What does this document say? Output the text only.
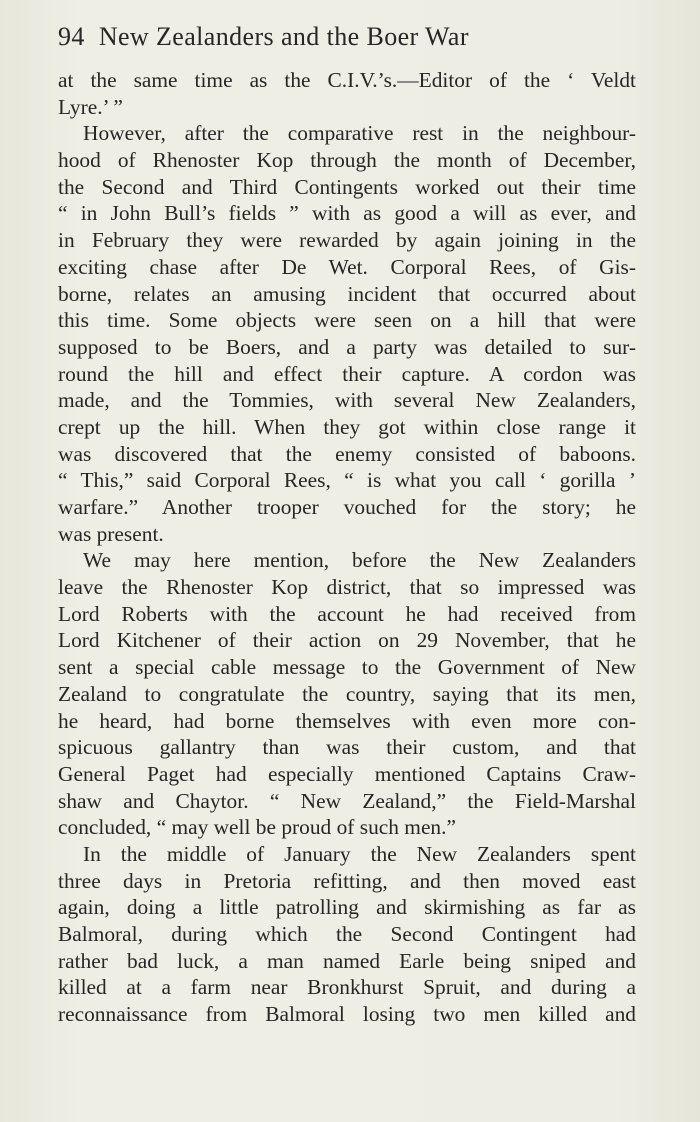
94 New Zealanders and the Boer War
at the same time as the C.I.V.’s.—Editor of the ‘ Veldt
Lyre.’ ”
However, after the comparative rest in the neighbour-
hood of Rhenoster Kop through the month of December,
the Second and Third Contingents worked out their time
“ in John Bull’s fields ” with as good a will as ever, and
in February they were rewarded by again joining in the
exciting chase after De Wet. Corporal Rees, of Gis-
borne, relates an amusing incident that occurred about
this time. Some objects were seen on a hill that were
supposed to be Boers, and a party was detailed to sur-
round the hill and effect their capture. A cordon was
made, and the Tommies, with several New Zealanders,
crept up the hill. When they got within close range it
was discovered that the enemy consisted of baboons.
“ This,” said Corporal Rees, “ is what you call ‘ gorilla ’
warfare.” Another trooper vouched for the story; he
was present.
We may here mention, before the New Zealanders
leave the Rhenoster Kop district, that so impressed was
Lord Roberts with the account he had received from
Lord Kitchener of their action on 29 November, that he
sent a special cable message to the Government of New
Zealand to congratulate the country, saying that its men,
he heard, had borne themselves with even more con-
spicuous gallantry than was their custom, and that
General Paget had especially mentioned Captains Craw-
shaw and Chaytor. “ New Zealand,” the Field-Marshal
concluded, “ may well be proud of such men.”
In the middle of January the New Zealanders spent
three days in Pretoria refitting, and then moved east
again, doing a little patrolling and skirmishing as far as
Balmoral, during which the Second Contingent had
rather bad luck, a man named Earle being sniped and
killed at a farm near Bronkhurst Spruit, and during a
reconnaissance from Balmoral losing two men killed and
